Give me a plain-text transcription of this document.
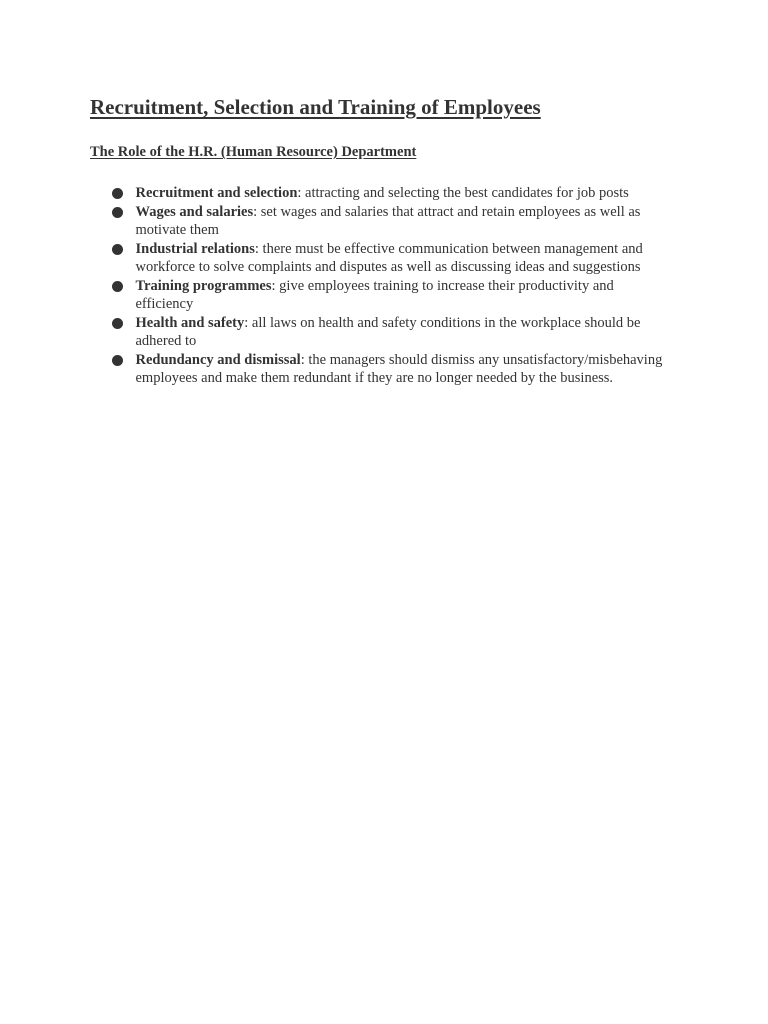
Recruitment, Selection and Training of Employees
The Role of the H.R. (Human Resource) Department
Recruitment and selection: attracting and selecting the best candidates for job posts
Wages and salaries: set wages and salaries that attract and retain employees as well as motivate them
Industrial relations: there must be effective communication between management and workforce to solve complaints and disputes as well as discussing ideas and suggestions
Training programmes: give employees training to increase their productivity and efficiency
Health and safety: all laws on health and safety conditions in the workplace should be adhered to
Redundancy and dismissal: the managers should dismiss any unsatisfactory/misbehaving employees and make them redundant if they are no longer needed by the business.
